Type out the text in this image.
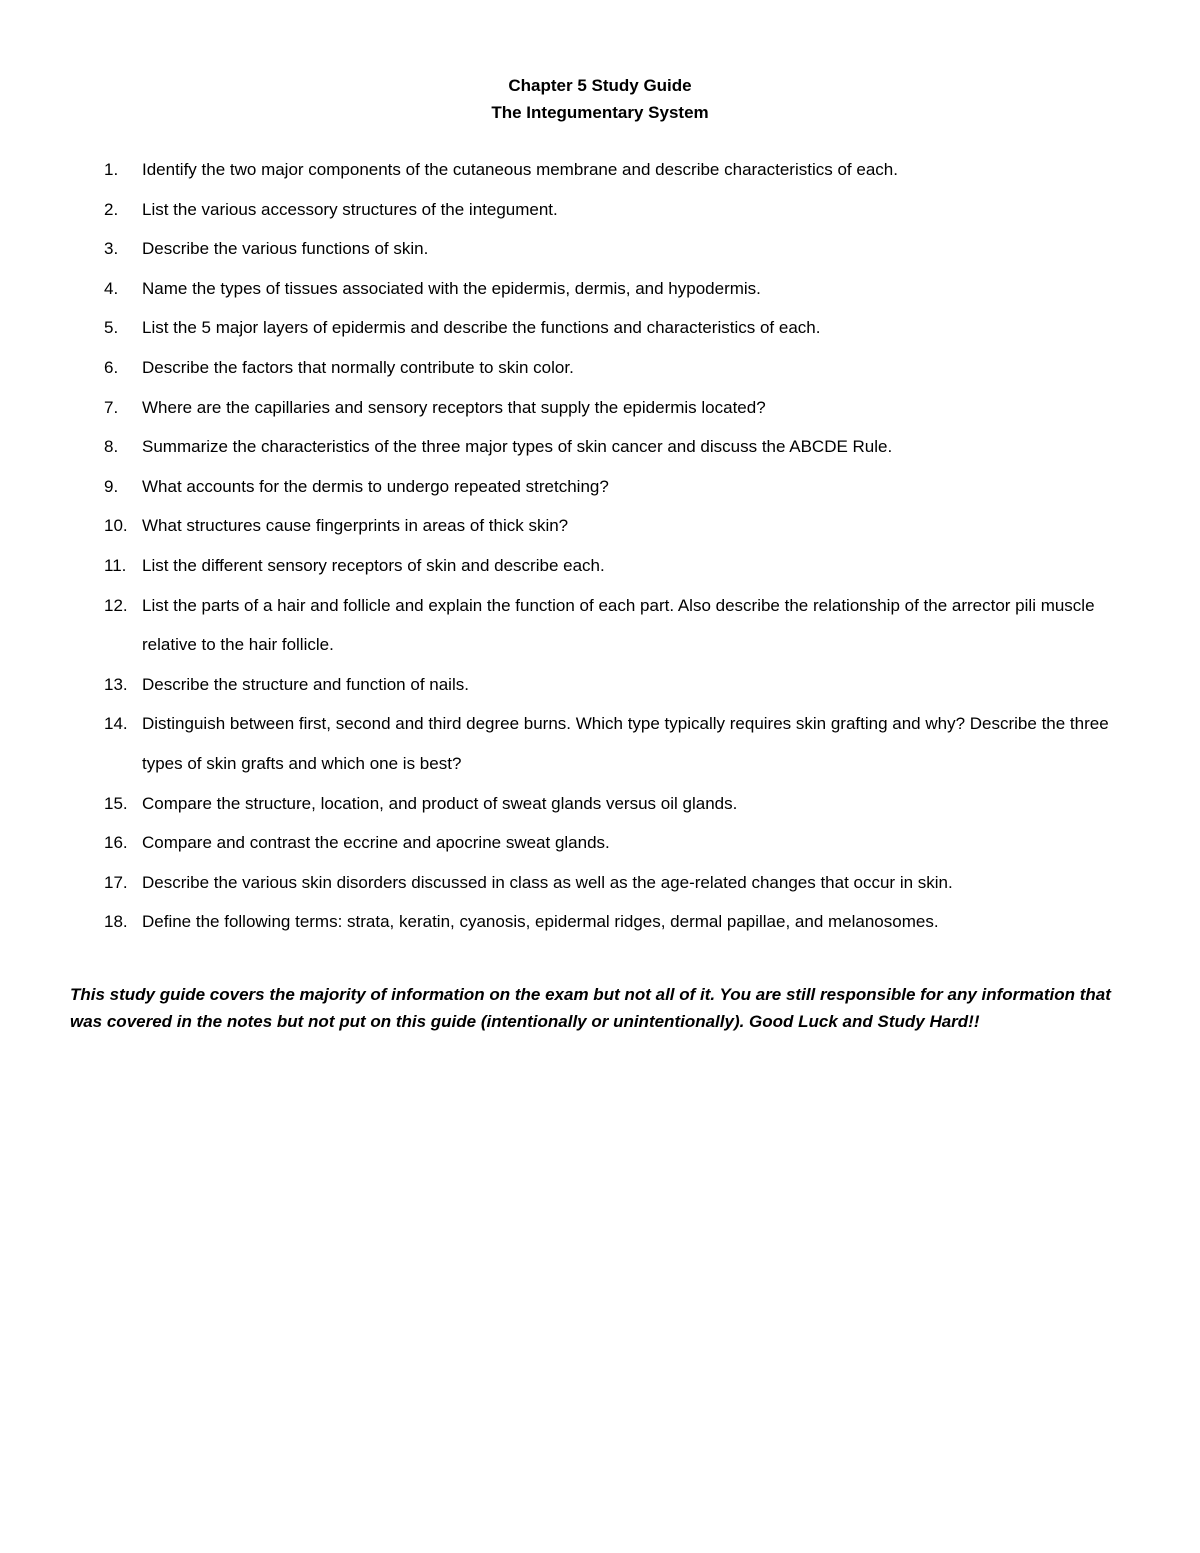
Chapter 5 Study Guide
The Integumentary System
1.	Identify the two major components of the cutaneous membrane and describe characteristics of each.
2.	List the various accessory structures of the integument.
3.	Describe the various functions of skin.
4.	Name the types of tissues associated with the epidermis, dermis, and hypodermis.
5.	List the 5 major layers of epidermis and describe the functions and characteristics of each.
6.	Describe the factors that normally contribute to skin color.
7.	Where are the capillaries and sensory receptors that supply the epidermis located?
8.	Summarize the characteristics of the three major types of skin cancer and discuss the ABCDE Rule.
9.	What accounts for the dermis to undergo repeated stretching?
10. What structures cause fingerprints in areas of thick skin?
11. List the different sensory receptors of skin and describe each.
12. List the parts of a hair and follicle and explain the function of each part. Also describe the relationship of the arrector pili muscle relative to the hair follicle.
13. Describe the structure and function of nails.
14. Distinguish between first, second and third degree burns. Which type typically requires skin grafting and why? Describe the three types of skin grafts and which one is best?
15. Compare the structure, location, and product of sweat glands versus oil glands.
16. Compare and contrast the eccrine and apocrine sweat glands.
17. Describe the various skin disorders discussed in class as well as the age-related changes that occur in skin.
18. Define the following terms: strata, keratin, cyanosis, epidermal ridges, dermal papillae, and melanosomes.

This study guide covers the majority of information on the exam but not all of it. You are still responsible for any information that was covered in the notes but not put on this guide (intentionally or unintentionally). Good Luck and Study Hard!!
